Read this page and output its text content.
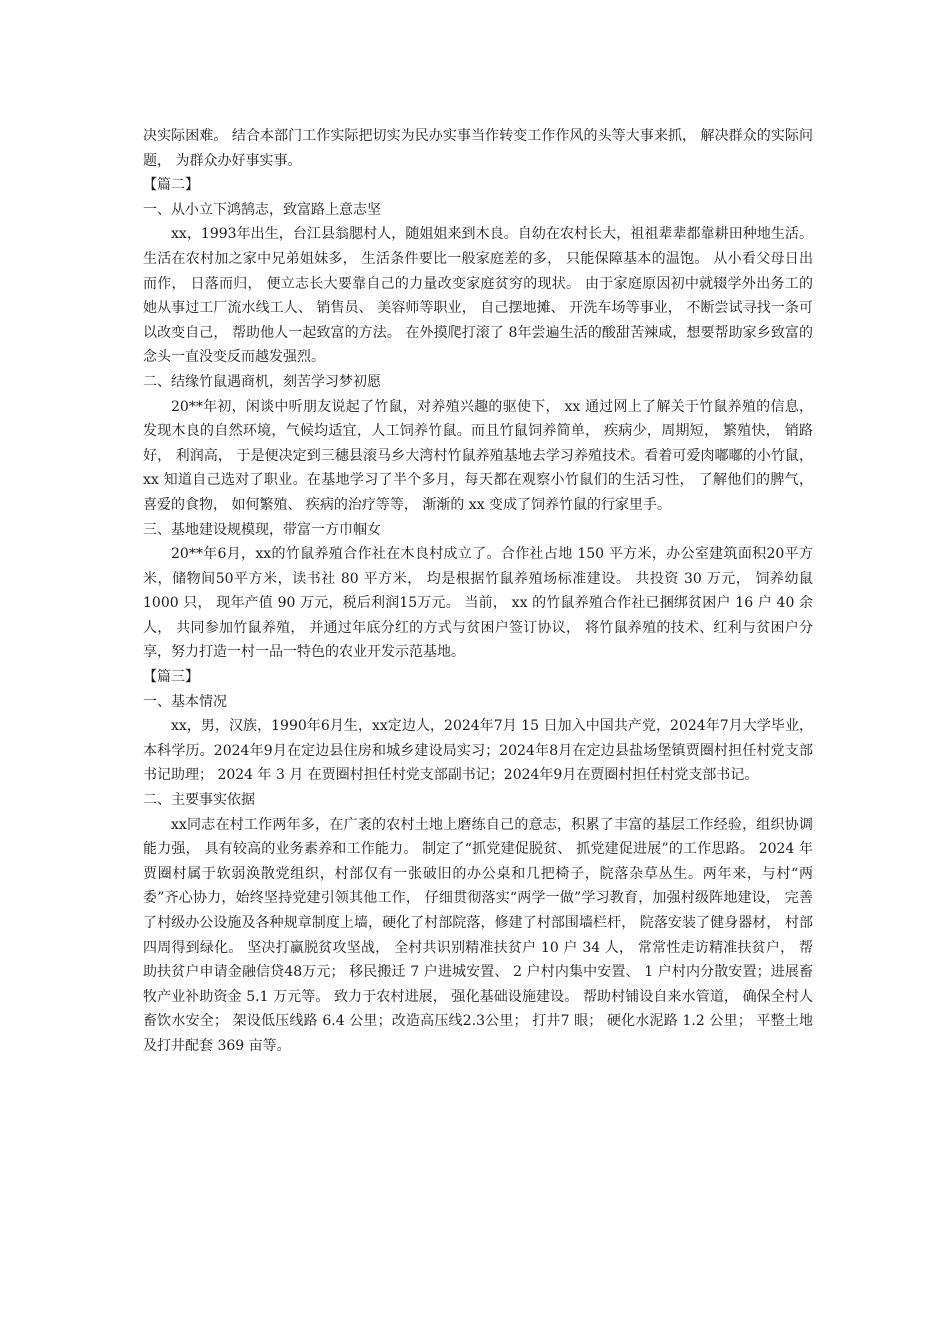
决实际困难。 结合本部门工作实际把切实为民办实事当作转变工作作风的头等大事来抓， 解决群众的实际问题， 为群众办好事实事。

【篇二】

一、从小立下鸿鹄志，致富路上意志坚

xx，1993年出生，台江县翁腮村人，随姐姐来到木良。自幼在农村长大，祖祖辈辈都靠耕田种地生活。 生活在农村加之家中兄弟姐妹多， 生活条件要比一般家庭差的多， 只能保障基本的温饱。 从小看父母日出而作， 日落而归， 便立志长大要靠自己的力量改变家庭贫穷的现状。 由于家庭原因初中就辍学外出务工的她从事过工厂流水线工人、 销售员、 美容师等职业， 自己摆地摊、 开洗车场等事业， 不断尝试寻找一条可以改变自己， 帮助他人一起致富的方法。 在外摸爬打滚了 8年尝遍生活的酸甜苦辣咸，想要帮助家乡致富的念头一直没变反而越发强烈。

二、结缘竹鼠遇商机，刻苦学习梦初愿

20**年初，闲谈中听朋友说起了竹鼠，对养殖兴趣的驱使下， xx 通过网上了解关于竹鼠养殖的信息，发现木良的自然环境，气候均适宜，人工饲养竹鼠。而且竹鼠饲养简单， 疾病少，周期短， 繁殖快， 销路好， 利润高， 于是便决定到三穗县滚马乡大湾村竹鼠养殖基地去学习养殖技术。看着可爱肉嘟嘟的小竹鼠，xx 知道自己选对了职业。在基地学习了半个多月，每天都在观察小竹鼠们的生活习性， 了解他们的脾气， 喜爱的食物， 如何繁殖、 疾病的治疗等等， 渐渐的 xx 变成了饲养竹鼠的行家里手。

三、基地建设规模现，带富一方巾帼女

20**年6月，xx的竹鼠养殖合作社在木良村成立了。合作社占地 150 平方米，办公室建筑面积20平方米，储物间50平方米，读书社 80 平方米， 均是根据竹鼠养殖场标准建设。 共投资 30 万元， 饲养幼鼠 1000 只， 现年产值 90 万元，税后利润15万元。 当前， xx 的竹鼠养殖合作社已捆绑贫困户 16 户 40 余人， 共同参加竹鼠养殖， 并通过年底分红的方式与贫困户签订协议， 将竹鼠养殖的技术、红利与贫困户分享，努力打造一村一品一特色的农业开发示范基地。

【篇三】

一、基本情况

xx，男，汉族，1990年6月生，xx定边人，2024年7月 15 日加入中国共产党，2024年7月大学毕业，本科学历。2024年9月在定边县住房和城乡建设局实习；2024年8月在定边县盐场堡镇贾圈村担任村党支部书记助理； 2024 年 3 月 在贾圈村担任村党支部副书记；2024年9月在贾圈村担任村党支部书记。

二、主要事实依据

xx同志在村工作两年多，在广袤的农村土地上磨练自己的意志，积累了丰富的基层工作经验，组织协调能力强， 具有较高的业务素养和工作能力。 制定了“抓党建促脱贫、 抓党建促进展”的工作思路。 2024 年贾圈村属于软弱涣散党组织，村部仅有一张破旧的办公桌和几把椅子，院落杂草丛生。两年来，与村“两委”齐心协力，始终坚持党建引领其他工作， 仔细贯彻落实“两学一做”学习教育，加强村级阵地建设， 完善了村级办公设施及各种规章制度上墙，硬化了村部院落，修建了村部围墙栏杆， 院落安装了健身器材， 村部四周得到绿化。 坚决打赢脱贫攻坚战， 全村共识别精准扶贫户 10 户 34 人， 常常性走访精准扶贫户， 帮助扶贫户申请金融信贷48万元； 移民搬迁 7 户进城安置、 2 户村内集中安置、 1 户村内分散安置；进展畜牧产业补助资金 5.1 万元等。 致力于农村进展， 强化基础设施建设。 帮助村铺设自来水管道， 确保全村人畜饮水安全； 架设低压线路 6.4 公里；改造高压线2.3公里； 打井7 眼； 硬化水泥路 1.2 公里； 平整土地及打井配套 369 亩等。
